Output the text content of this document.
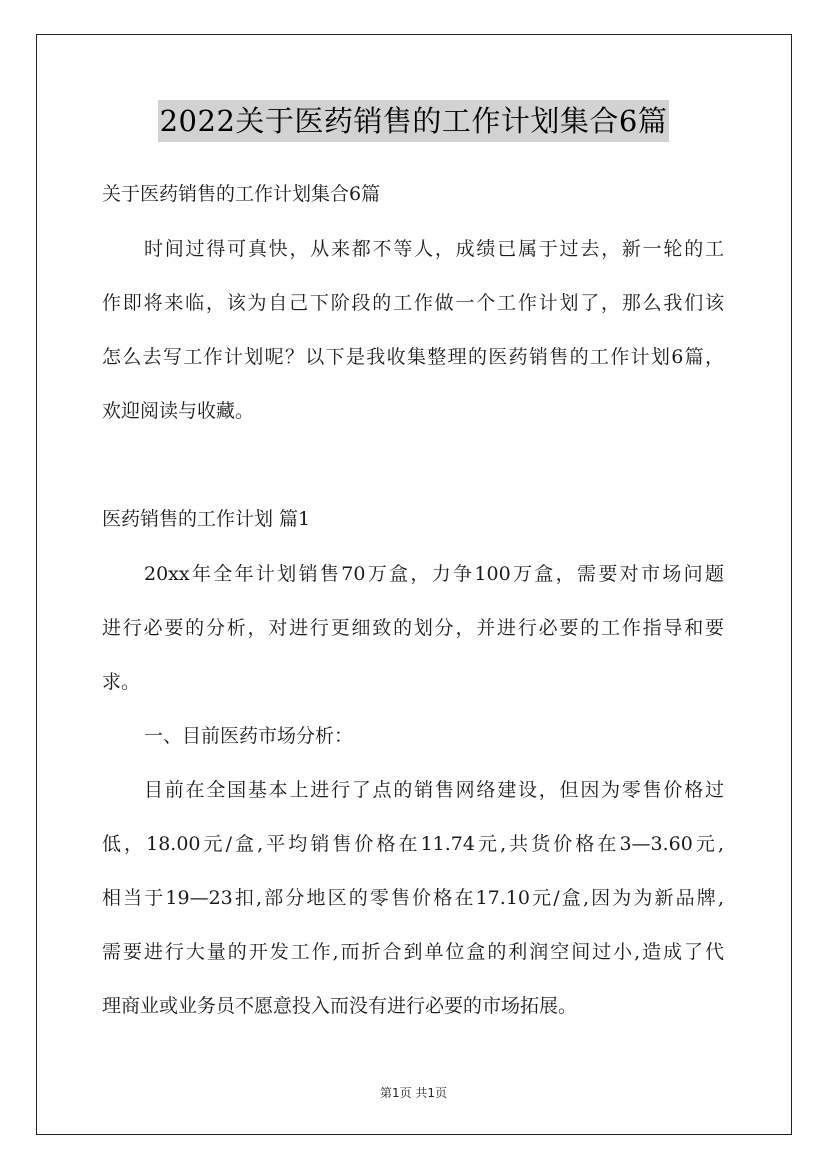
2022关于医药销售的工作计划集合6篇
关于医药销售的工作计划集合6篇
时间过得可真快，从来都不等人，成绩已属于过去，新一轮的工
作即将来临，该为自己下阶段的工作做一个工作计划了，那么我们该
怎么去写工作计划呢？以下是我收集整理的医药销售的工作计划6篇，
欢迎阅读与收藏。
医药销售的工作计划 篇1
20xx年全年计划销售70万盒，力争100万盒，需要对市场问题
进行必要的分析，对进行更细致的划分，并进行必要的工作指导和要
求。
一、目前医药市场分析：
目前在全国基本上进行了点的销售网络建设，但因为零售价格过
低，18.00元/盒,平均销售价格在11.74元,共货价格在3—3.60元,
相当于19—23扣,部分地区的零售价格在17.10元/盒,因为为新品牌,
需要进行大量的开发工作,而折合到单位盒的利润空间过小,造成了代
理商业或业务员不愿意投入而没有进行必要的市场拓展。
第1页 共1页
